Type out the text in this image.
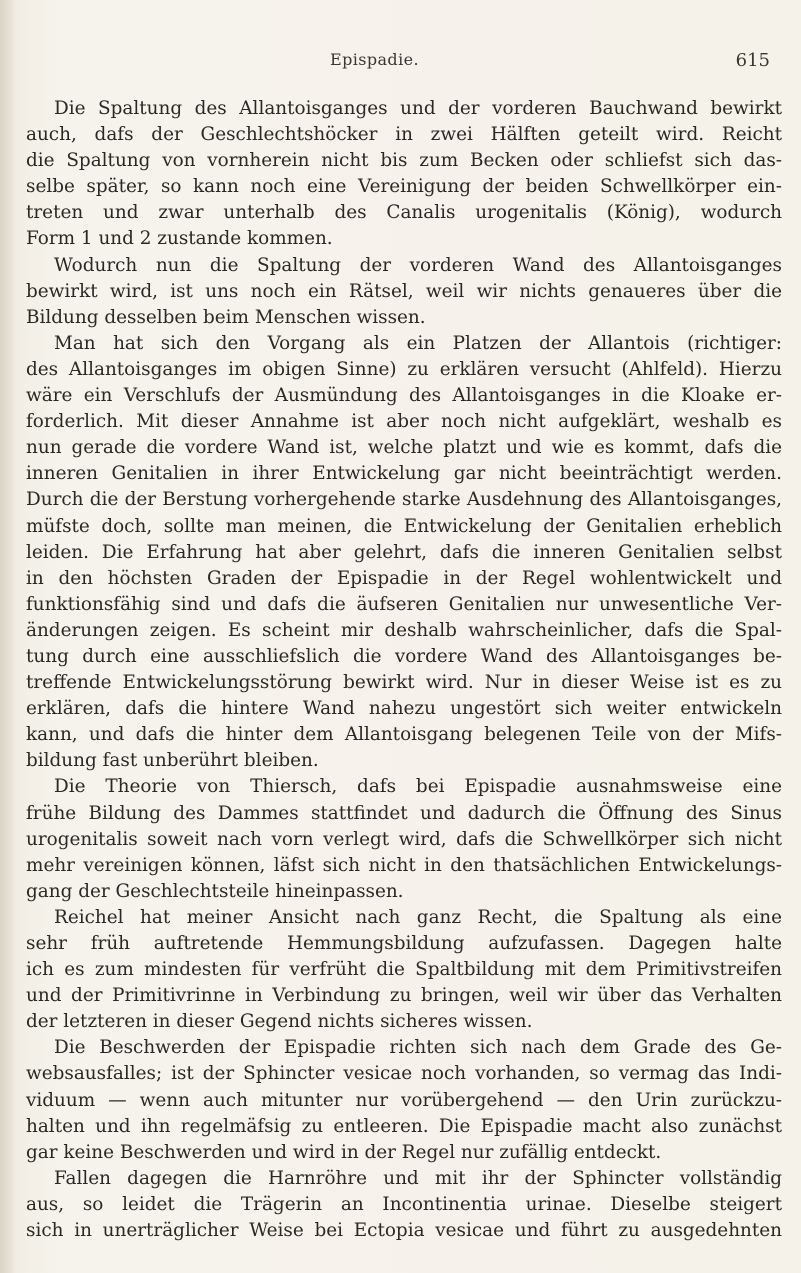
Epispadie.	615
Die Spaltung des Allantoisganges und der vorderen Bauchwand bewirkt
auch, dafs der Geschlechtshöcker in zwei Hälften geteilt wird. Reicht
die Spaltung von vornherein nicht bis zum Becken oder schliefst sich das-
selbe später, so kann noch eine Vereinigung der beiden Schwellkörper ein-
treten und zwar unterhalb des Canalis urogenitalis (König), wodurch
Form 1 und 2 zustande kommen.
Wodurch nun die Spaltung der vorderen Wand des Allantoisganges
bewirkt wird, ist uns noch ein Rätsel, weil wir nichts genaueres über die
Bildung desselben beim Menschen wissen.
Man hat sich den Vorgang als ein Platzen der Allantois (richtiger:
des Allantoisganges im obigen Sinne) zu erklären versucht (Ahlfeld). Hierzu
wäre ein Verschlufs der Ausmündung des Allantoisganges in die Kloake er-
forderlich. Mit dieser Annahme ist aber noch nicht aufgeklärt, weshalb es
nun gerade die vordere Wand ist, welche platzt und wie es kommt, dafs die
inneren Genitalien in ihrer Entwickelung gar nicht beeinträchtigt werden.
Durch die der Berstung vorhergehende starke Ausdehnung des Allantoisganges,
müfste doch, sollte man meinen, die Entwickelung der Genitalien erheblich
leiden. Die Erfahrung hat aber gelehrt, dafs die inneren Genitalien selbst
in den höchsten Graden der Epispadie in der Regel wohlentwickelt und
funktionsfähig sind und dafs die äufseren Genitalien nur unwesentliche Ver-
änderungen zeigen. Es scheint mir deshalb wahrscheinlicher, dafs die Spal-
tung durch eine ausschliefslich die vordere Wand des Allantoisganges be-
treffende Entwickelungsstörung bewirkt wird. Nur in dieser Weise ist es zu
erklären, dafs die hintere Wand nahezu ungestört sich weiter entwickeln
kann, und dafs die hinter dem Allantoisgang belegenen Teile von der Mifs-
bildung fast unberührt bleiben.
Die Theorie von Thiersch, dafs bei Epispadie ausnahmsweise eine
frühe Bildung des Dammes stattfindet und dadurch die Öffnung des Sinus
urogenitalis soweit nach vorn verlegt wird, dafs die Schwellkörper sich nicht
mehr vereinigen können, läfst sich nicht in den thatsächlichen Entwickelungs-
gang der Geschlechtsteile hineinpassen.
Reichel hat meiner Ansicht nach ganz Recht, die Spaltung als eine
sehr früh auftretende Hemmungsbildung aufzufassen. Dagegen halte
ich es zum mindesten für verfrüht die Spaltbildung mit dem Primitivstreifen
und der Primitivrinne in Verbindung zu bringen, weil wir über das Verhalten
der letzteren in dieser Gegend nichts sicheres wissen.
Die Beschwerden der Epispadie richten sich nach dem Grade des Ge-
websausfalles; ist der Sphincter vesicae noch vorhanden, so vermag das Indi-
viduum — wenn auch mitunter nur vorübergehend — den Urin zurückzu-
halten und ihn regelmäfsig zu entleeren. Die Epispadie macht also zunächst
gar keine Beschwerden und wird in der Regel nur zufällig entdeckt.
Fallen dagegen die Harnröhre und mit ihr der Sphincter vollständig
aus, so leidet die Trägerin an Incontinentia urinae. Dieselbe steigert
sich in unerträglicher Weise bei Ectopia vesicae und führt zu ausgedehnten
